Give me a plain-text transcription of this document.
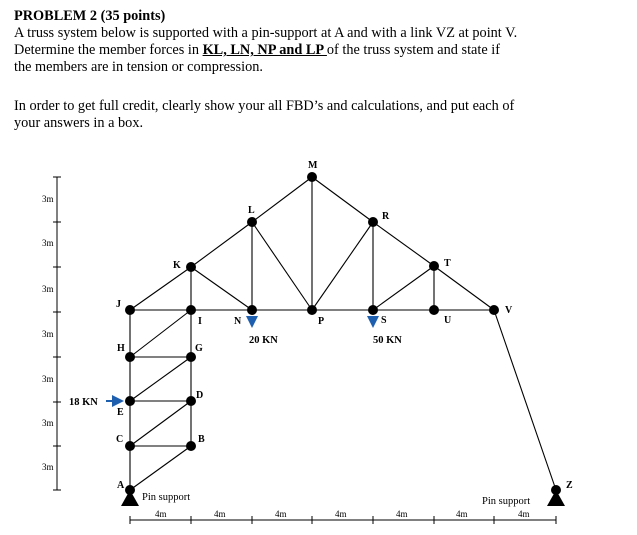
PROBLEM 2 (35 points)
A truss system below is supported with a pin-support at A and with a link VZ at point V.
Determine the member forces in KL, LN, NP and LP of the truss system and state if
the members are in tension or compression.
In order to get full credit, clearly show your all FBD’s and calculations, and put each of
your answers in a box.
3m
3m
3m
3m
3m
3m
3m
4m	4m	4m	4m	4m	4m	4m
18 KN
20 KN	50 KN
M
L
R
K	T
J
I	N	P	S	U
V
H	G
D
E
C	B
A	Z
Pin support	Pin support
